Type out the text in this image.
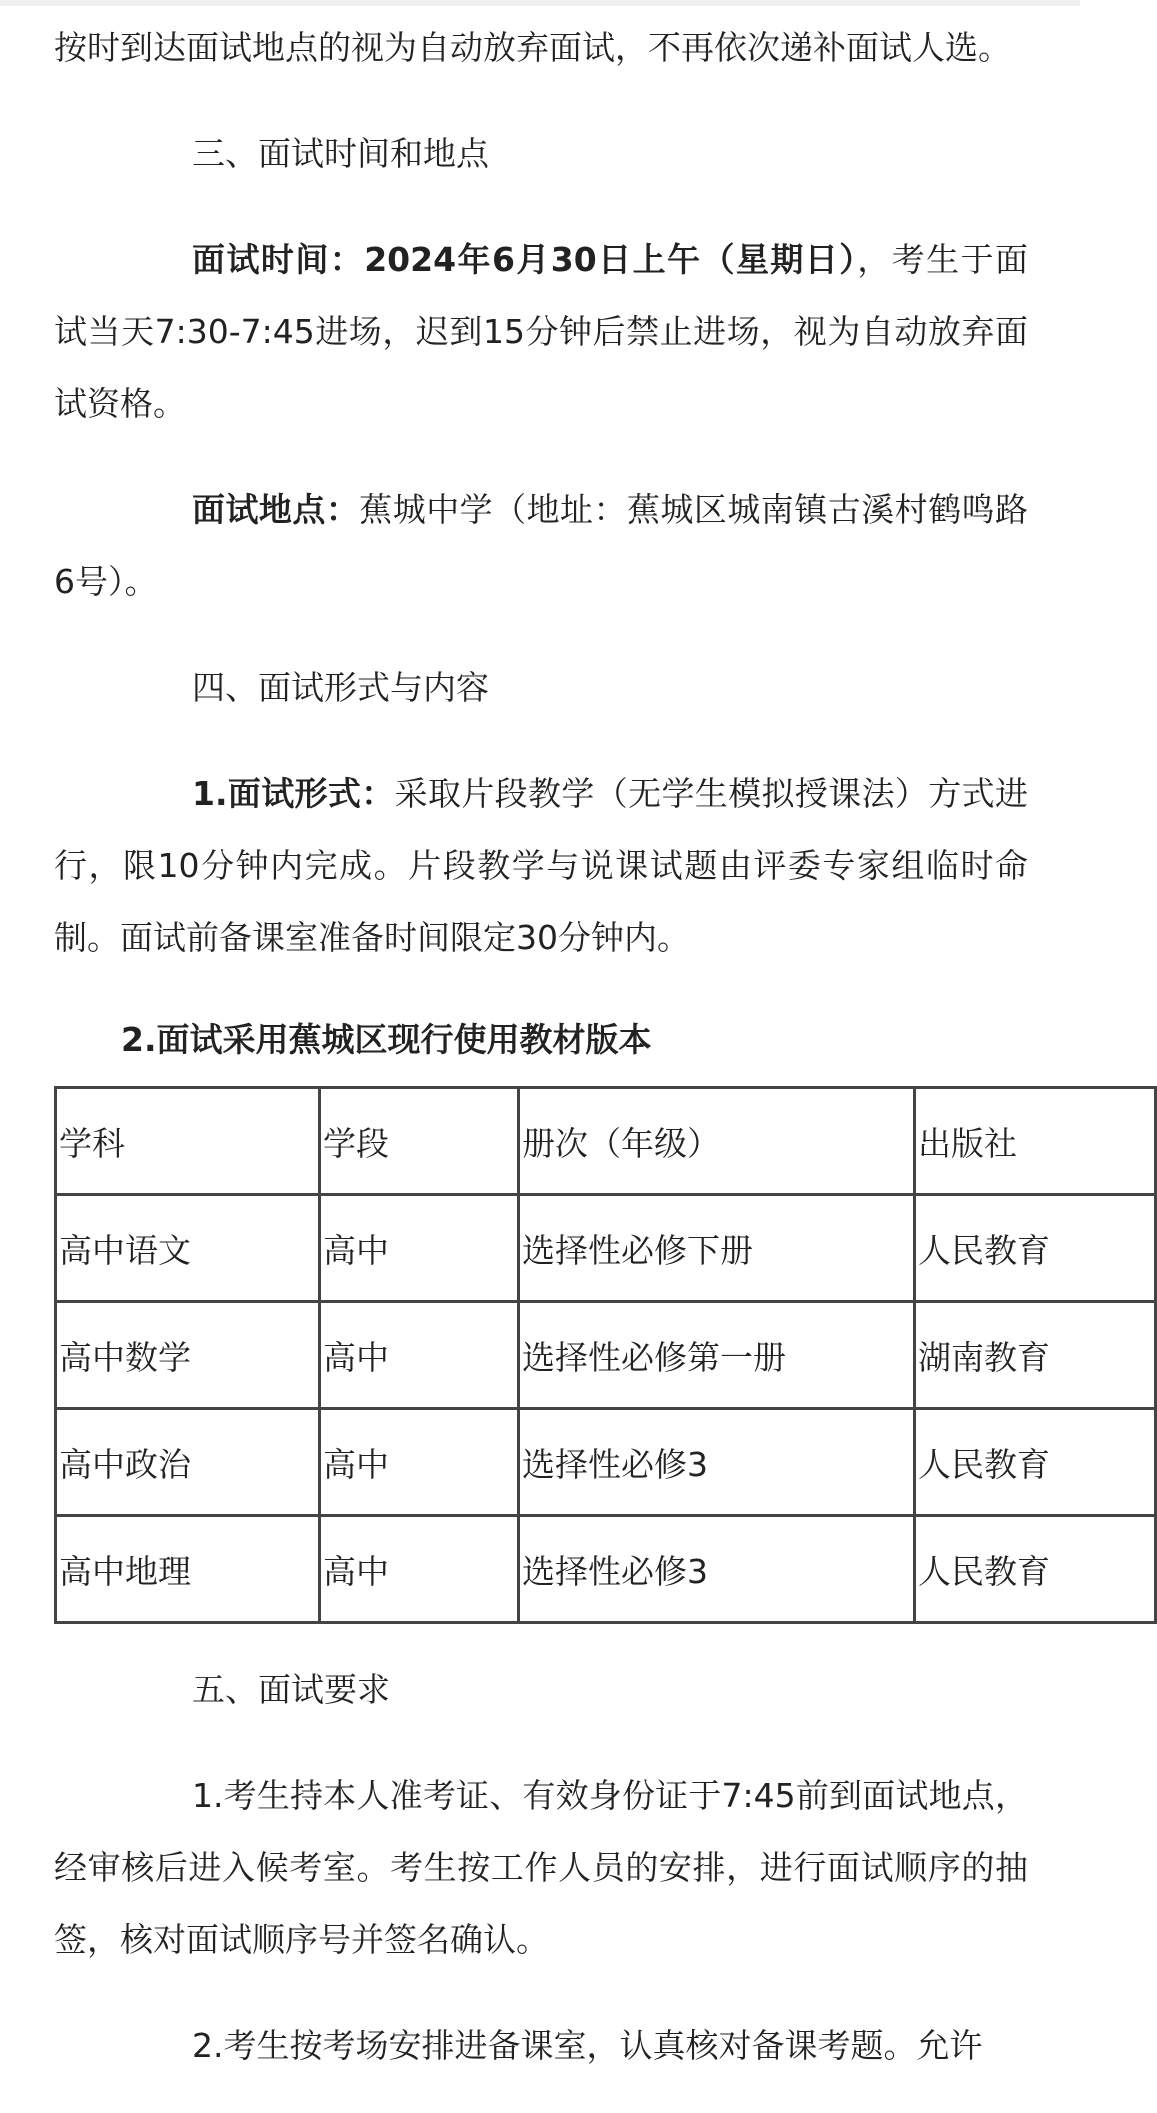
按时到达面试地点的视为自动放弃面试，不再依次递补面试人选。

三、面试时间和地点

面试时间：2024年6月30日上午（星期日），考生于面试当天7:30-7:45进场，迟到15分钟后禁止进场，视为自动放弃面试资格。

面试地点：蕉城中学（地址：蕉城区城南镇古溪村鹤鸣路6号）。

四、面试形式与内容

1.面试形式：采取片段教学（无学生模拟授课法）方式进行，限10分钟内完成。片段教学与说课试题由评委专家组临时命制。面试前备课室准备时间限定30分钟内。

2.面试采用蕉城区现行使用教材版本

学科	学段	册次（年级）	出版社
高中语文	高中	选择性必修下册	人民教育
高中数学	高中	选择性必修第一册	湖南教育
高中政治	高中	选择性必修3	人民教育
高中地理	高中	选择性必修3	人民教育

五、面试要求

1.考生持本人准考证、有效身份证于7:45前到面试地点，经审核后进入候考室。考生按工作人员的安排，进行面试顺序的抽签，核对面试顺序号并签名确认。

2.考生按考场安排进备课室，认真核对备课考题。允许
